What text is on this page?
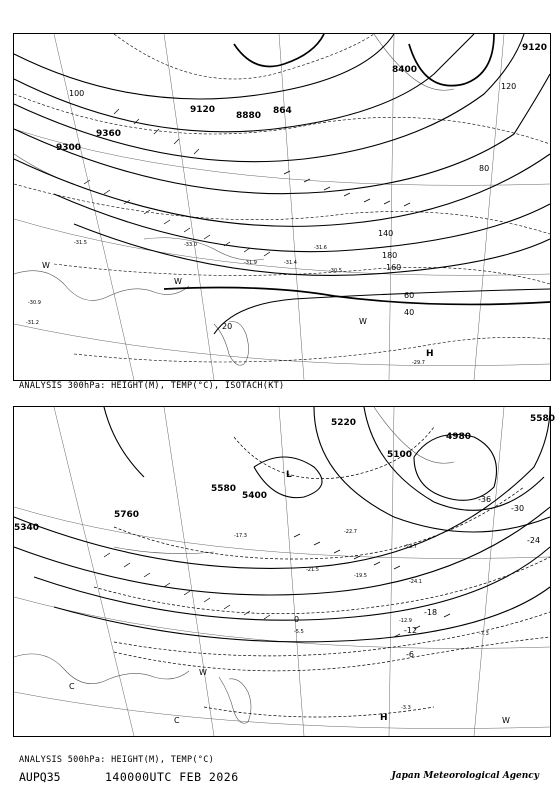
-31.5
-30.9
-33.0
-31.9
-31.6
-30.5
-29.7
-31.2
-31.4
9120
8880 864
8400
9360
9300
9120
100
80
60
40
20
140
120
160
180
H
W
W
W
ANALYSIS 300hPa: HEIGHT(M), TEMP(°C), ISOTACH(KT)
-21.5
-19.5
-22.7
-23.7
-24.1
-17.3
-12.9
-7.3
-5.5
-3.3
5580
5760
5400
5220
5100
4980
5580
5340
-36
-30
-24
-18
-12
-6
0
L
H
C
C	W
W
ANALYSIS 500hPa: HEIGHT(M), TEMP(°C)
AUPQ35	140000UTC FEB 2026	Japan Meteorological Agency
